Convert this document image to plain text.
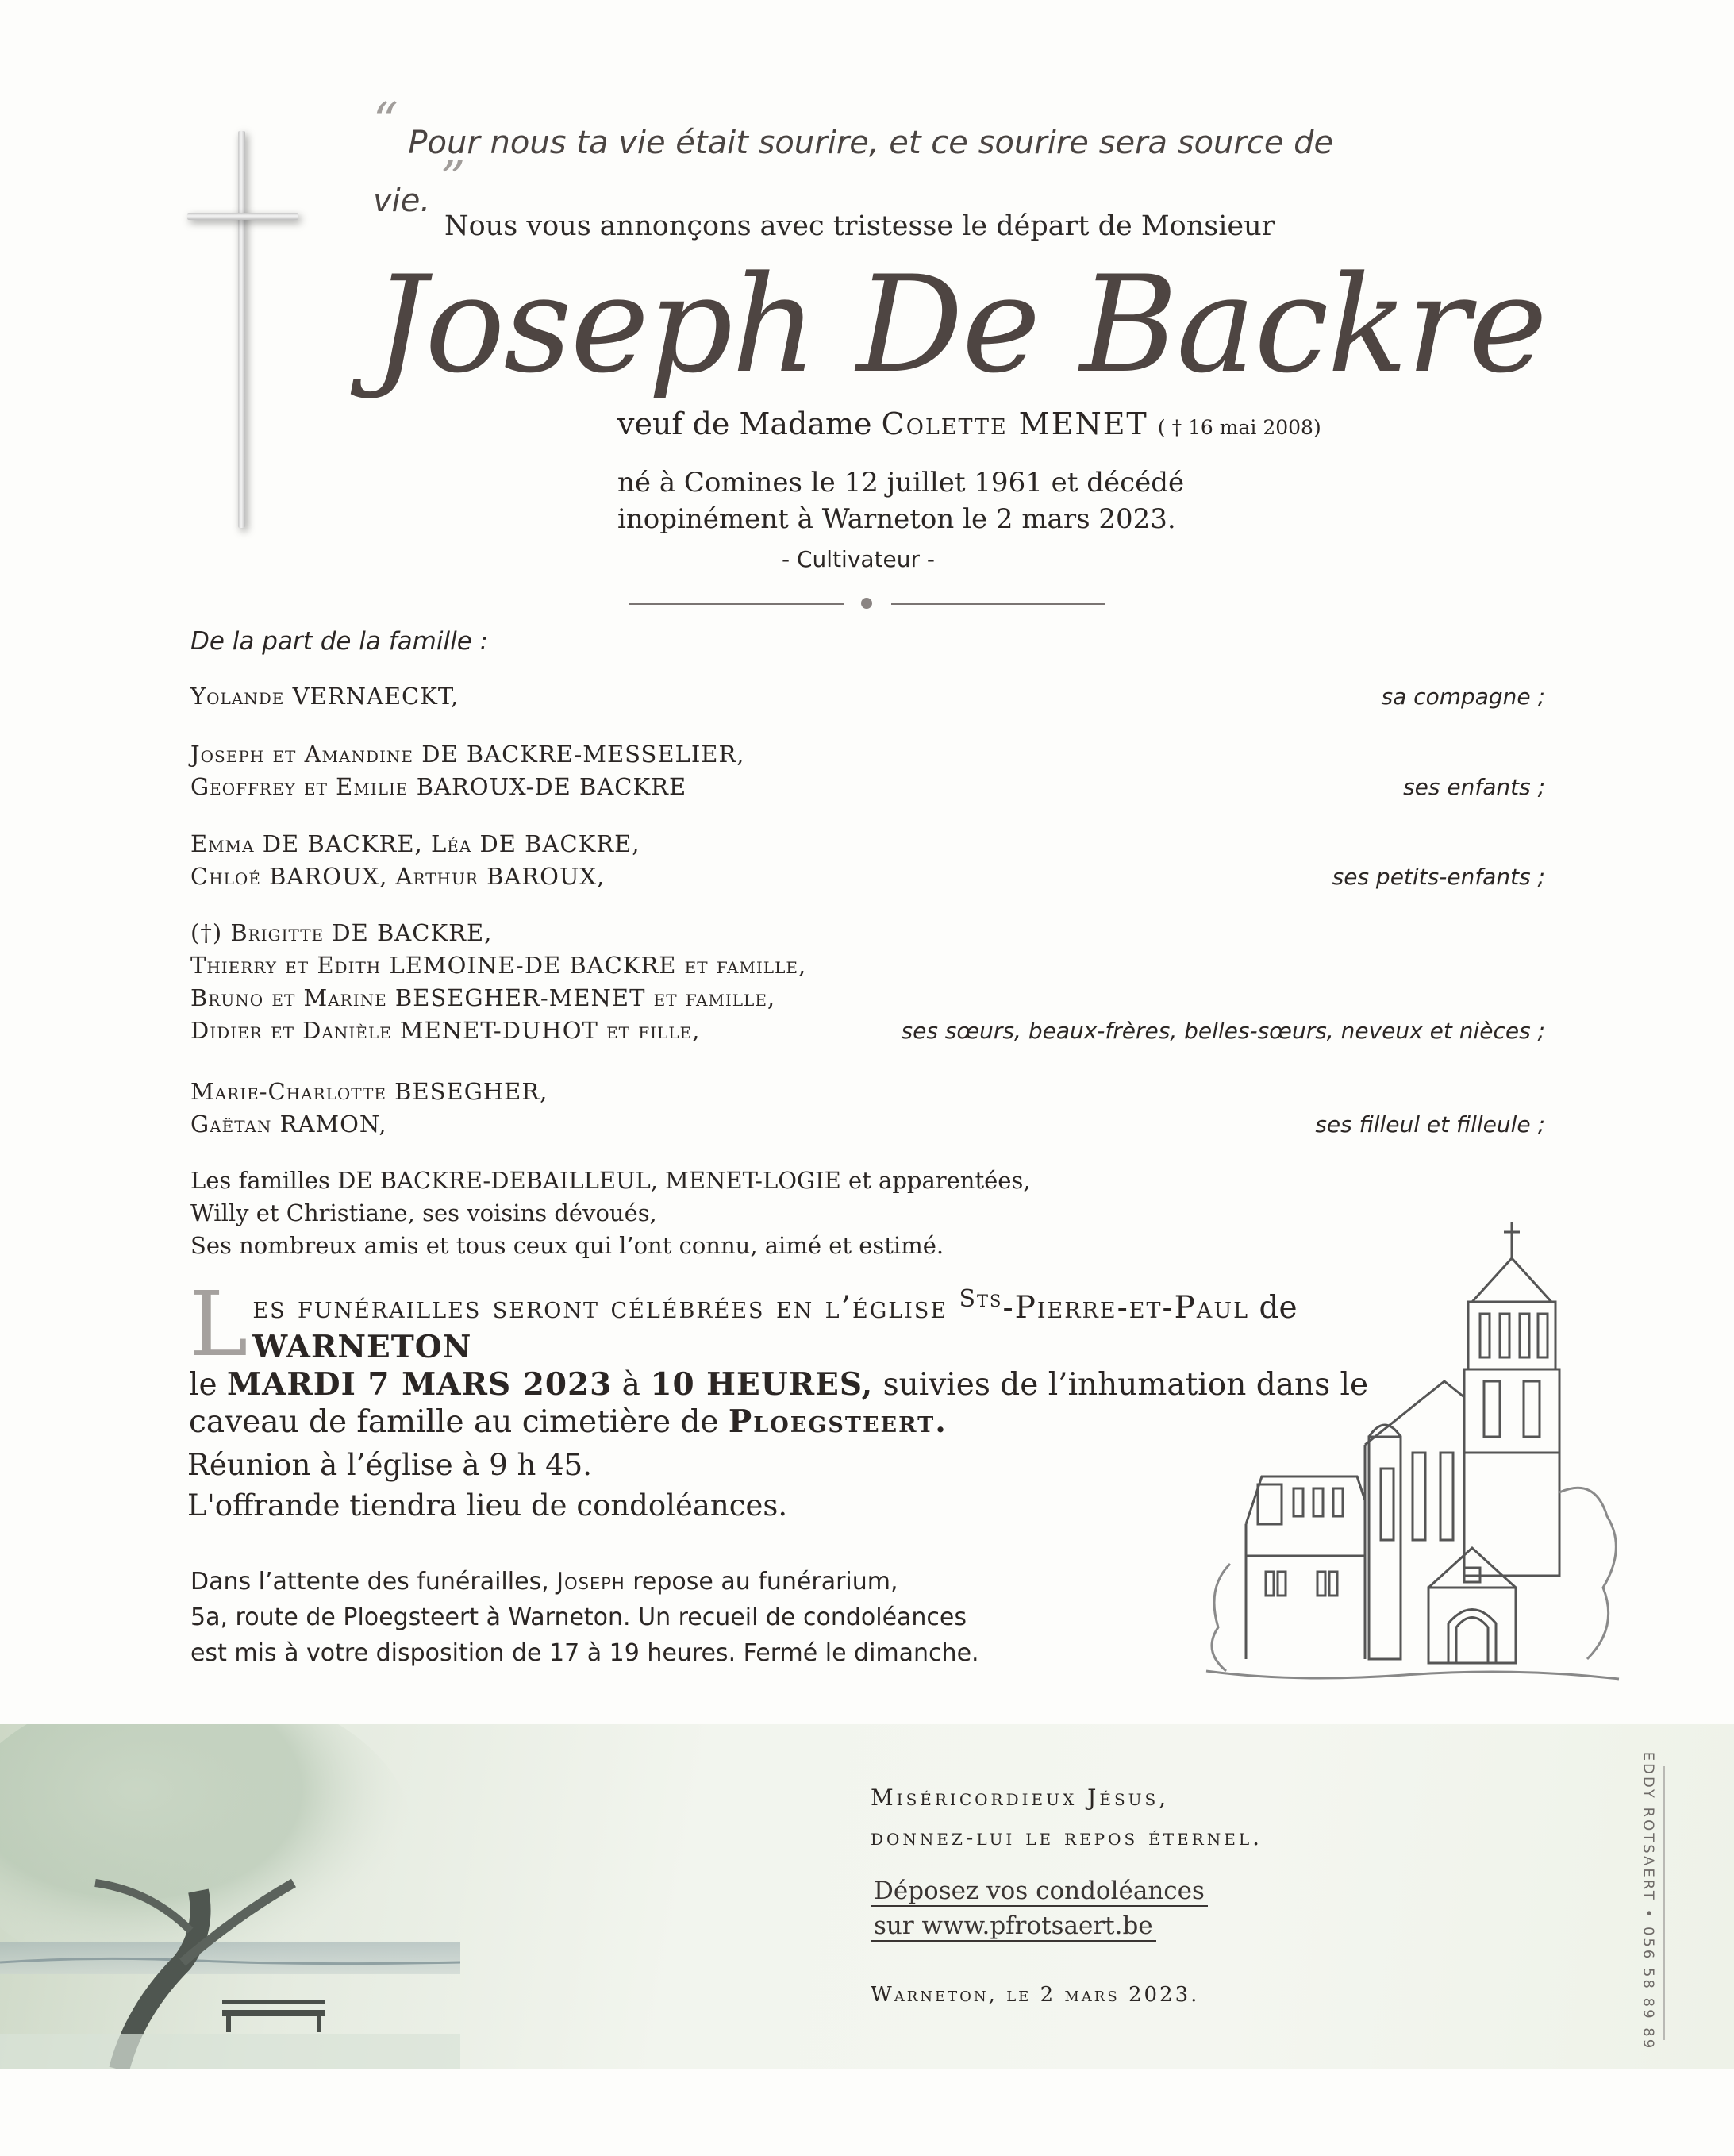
“ Pour nous ta vie était sourire, et ce sourire sera source de vie. ”
Nous vous annonçons avec tristesse le départ de Monsieur
Joseph De Backre
veuf de Madame Colette MENET ( † 16 mai 2008)
né à Comines le 12 juillet 1961 et décédé
inopinément à Warneton le 2 mars 2023.
- Cultivateur -
De la part de la famille :
Yolande VERNAECKT,	sa compagne ;
Joseph et Amandine DE BACKRE-MESSELIER,
Geoffrey et Emilie BAROUX-DE BACKRE	ses enfants ;
Emma DE BACKRE, Léa DE BACKRE,
Chloé BAROUX, Arthur BAROUX,	ses petits-enfants ;
(†) Brigitte DE BACKRE,
Thierry et Edith LEMOINE-DE BACKRE et famille,
Bruno et Marine BESEGHER-MENET et famille,
Didier et Danièle MENET-DUHOT et fille,	ses sœurs, beaux-frères, belles-sœurs, neveux et nièces ;
Marie-Charlotte BESEGHER,
Gaëtan RAMON,	ses filleul et filleule ;
Les familles DE BACKRE-DEBAILLEUL, MENET-LOGIE et apparentées,
Willy et Christiane, ses voisins dévoués,
Ses nombreux amis et tous ceux qui l’ont connu, aimé et estimé.
Les funérailles seront célébrées en l’église $^{Sts}$-Pierre-et-Paul de WARNETON
le MARDI 7 MARS 2023 à 10 HEURES, suivies de l’inhumation dans le caveau de famille au cimetière de Ploegsteert.
Réunion à l’église à 9 h 45.
L'offrande tiendra lieu de condoléances.
Dans l’attente des funérailles, Joseph repose au funérarium,
5a, route de Ploegsteert à Warneton. Un recueil de condoléances
est mis à votre disposition de 17 à 19 heures. Fermé le dimanche.
Miséricordieux Jésus,
donnez-lui le repos éternel.
Déposez vos condoléances
sur www.pfrotsaert.be
Warneton, le 2 mars 2023.	EDDY ROTSAERT • 056 58 89 89
